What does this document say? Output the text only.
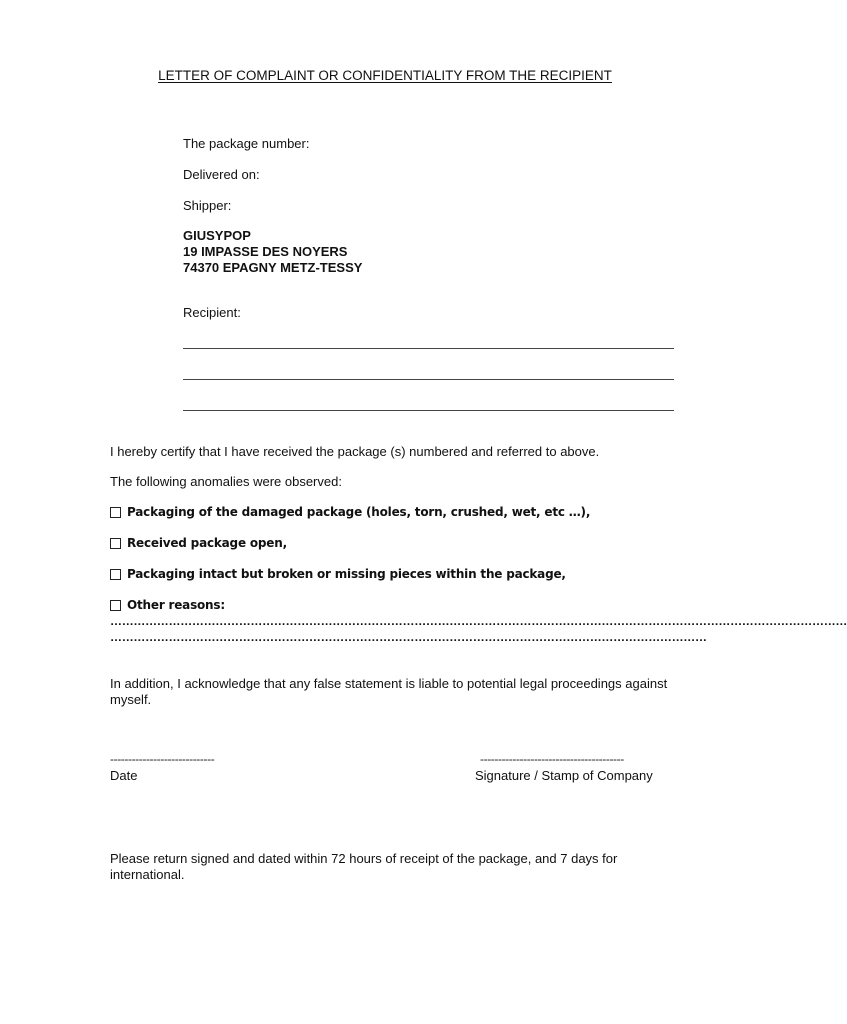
LETTER OF COMPLAINT OR CONFIDENTIALITY FROM THE RECIPIENT
The package number:
Delivered on:
Shipper:
GIUSYPOP
19 IMPASSE DES NOYERS
74370 EPAGNY METZ-TESSY
Recipient:
I hereby certify that I have received the package (s) numbered and referred to above.
The following anomalies were observed:
Packaging of the damaged package (holes, torn, crushed, wet, etc …),
Received package open,
Packaging intact but broken or missing pieces within the package,
Other reasons:
………………………………………………………………………………………………………………………………………………………………………
………………………………………………………………………………………………………………………………………
In addition, I acknowledge that any false statement is liable to potential legal proceedings against myself.
-----------------------------
Date
----------------------------------------
Signature / Stamp of Company
Please return signed and dated within 72 hours of receipt of the package, and 7 days for international.
